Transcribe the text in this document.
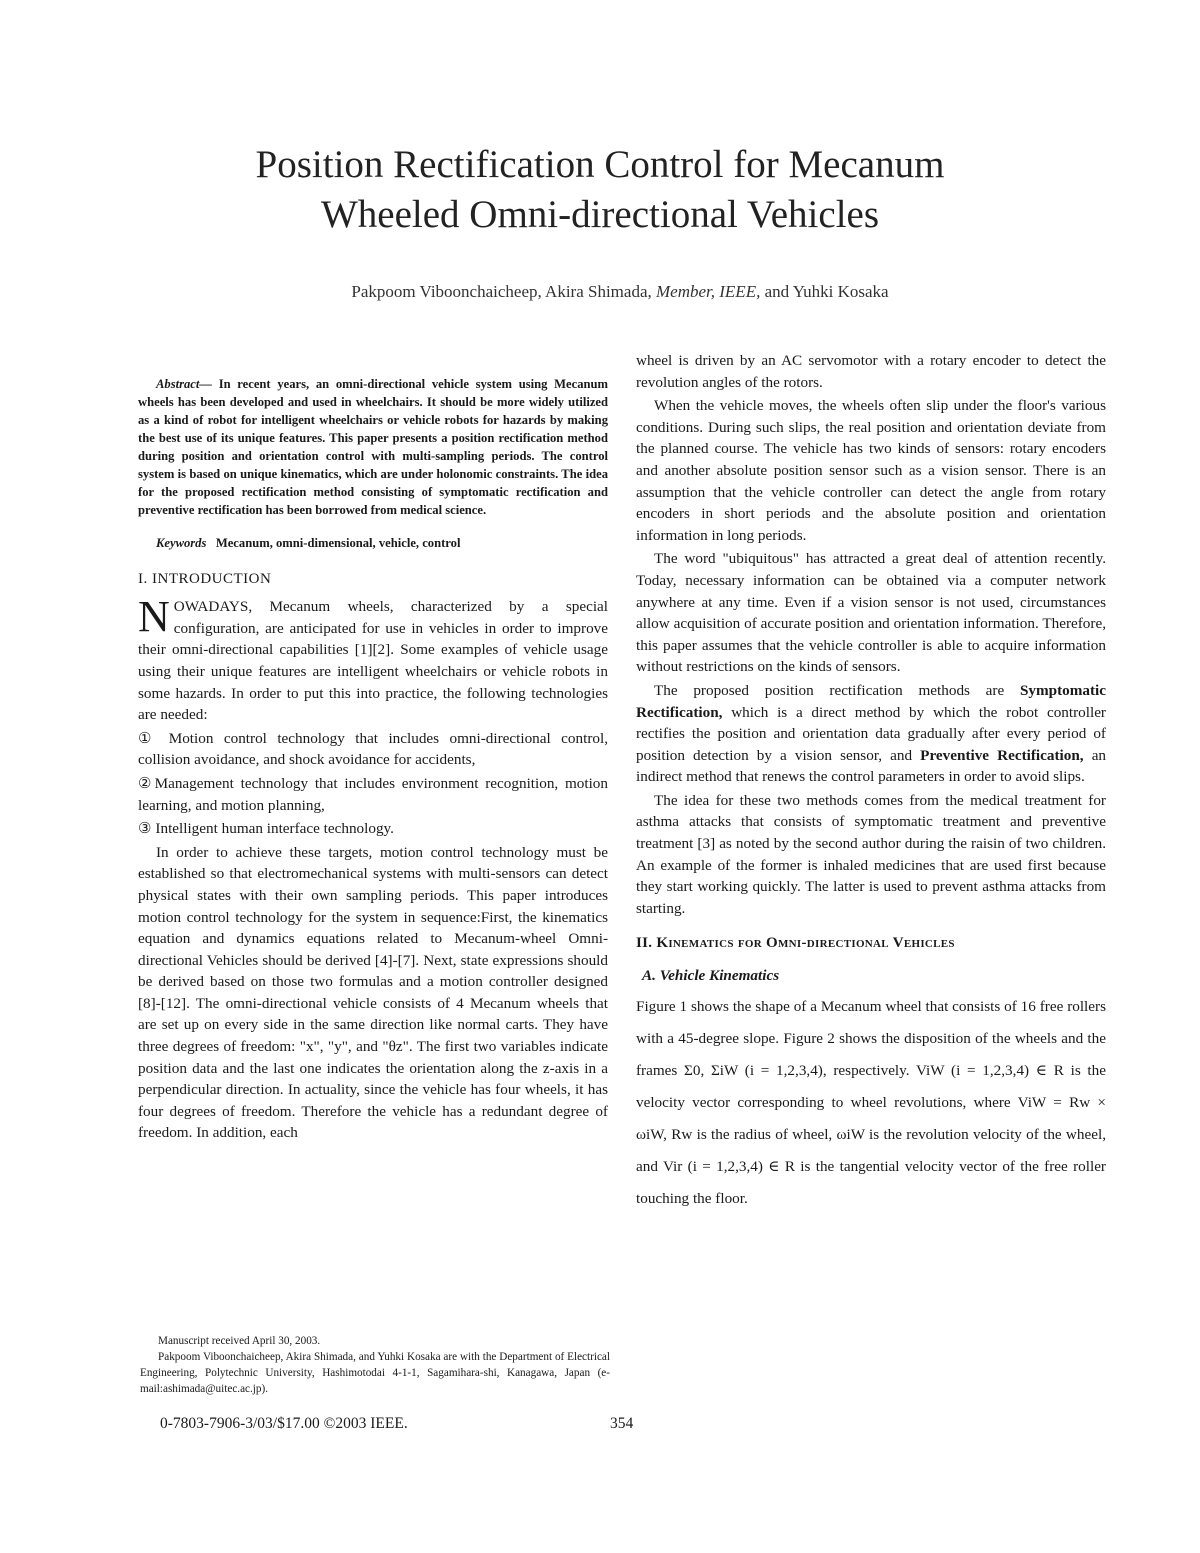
Position Rectification Control for Mecanum
Wheeled Omni-directional Vehicles
Pakpoom Viboonchaicheep, Akira Shimada, Member, IEEE, and Yuhki Kosaka

Abstract— In recent years, an omni-directional vehicle system using Mecanum wheels has been developed and used in wheelchairs. It should be more widely utilized as a kind of robot for intelligent wheelchairs or vehicle robots for hazards by making the best use of its unique features. This paper presents a position rectification method during position and orientation control with multi-sampling periods. The control system is based on unique kinematics, which are under holonomic constraints. The idea for the proposed rectification method consisting of symptomatic rectification and preventive rectification has been borrowed from medical science.

Keywords Mecanum, omni-dimensional, vehicle, control

I. INTRODUCTION

NOWADAYS, Mecanum wheels, characterized by a special configuration, are anticipated for use in vehicles in order to improve their omni-directional capabilities [1][2]. Some examples of vehicle usage using their unique features are intelligent wheelchairs or vehicle robots in some hazards. In order to put this into practice, the following technologies are needed:

① Motion control technology that includes omni-directional control, collision avoidance, and shock avoidance for accidents,

②Management technology that includes environment recognition, motion learning, and motion planning,

③ Intelligent human interface technology.

In order to achieve these targets, motion control technology must be established so that electromechanical systems with multi-sensors can detect physical states with their own sampling periods. This paper introduces motion control technology for the system in sequence:First, the kinematics equation and dynamics equations related to Mecanum-wheel Omni-directional Vehicles should be derived [4]-[7]. Next, state expressions should be derived based on those two formulas and a motion controller designed [8]-[12]. The omni-directional vehicle consists of 4 Mecanum wheels that are set up on every side in the same direction like normal carts. They have three degrees of freedom: "x", "y", and "θz". The first two variables indicate position data and the last one indicates the orientation along the z-axis in a perpendicular direction. In actuality, since the vehicle has four wheels, it has four degrees of freedom. Therefore the vehicle has a redundant degree of freedom. In addition, each

wheel is driven by an AC servomotor with a rotary encoder to detect the revolution angles of the rotors.

When the vehicle moves, the wheels often slip under the floor's various conditions. During such slips, the real position and orientation deviate from the planned course. The vehicle has two kinds of sensors: rotary encoders and another absolute position sensor such as a vision sensor. There is an assumption that the vehicle controller can detect the angle from rotary encoders in short periods and the absolute position and orientation information in long periods.

The word "ubiquitous" has attracted a great deal of attention recently. Today, necessary information can be obtained via a computer network anywhere at any time. Even if a vision sensor is not used, circumstances allow acquisition of accurate position and orientation information. Therefore, this paper assumes that the vehicle controller is able to acquire information without restrictions on the kinds of sensors.

The proposed position rectification methods are Symptomatic Rectification, which is a direct method by which the robot controller rectifies the position and orientation data gradually after every period of position detection by a vision sensor, and Preventive Rectification, an indirect method that renews the control parameters in order to avoid slips.

The idea for these two methods comes from the medical treatment for asthma attacks that consists of symptomatic treatment and preventive treatment [3] as noted by the second author during the raisin of two children. An example of the former is inhaled medicines that are used first because they start working quickly. The latter is used to prevent asthma attacks from starting.

II. Kinematics for Omni-directional Vehicles
A. Vehicle Kinematics

Figure 1 shows the shape of a Mecanum wheel that consists of 16 free rollers with a 45-degree slope. Figure 2 shows the disposition of the wheels and the frames Σ0, ΣiW (i = 1,2,3,4), respectively. ViW (i = 1,2,3,4) ∈ R is the velocity vector corresponding to wheel revolutions, where ViW = Rw × ωiW, Rw is the radius of wheel, ωiW is the revolution velocity of the wheel, and Vir (i = 1,2,3,4) ∈ R is the tangential velocity vector of the free roller touching the floor.

Manuscript received April 30, 2003.

Pakpoom Viboonchaicheep, Akira Shimada, and Yuhki Kosaka are with the Department of Electrical Engineering, Polytechnic University, Hashimotodai 4-1-1, Sagamihara-shi, Kanagawa, Japan (e-mail:ashimada@uitec.ac.jp).

0-7803-7906-3/03/$17.00 ©2003 IEEE.	354
